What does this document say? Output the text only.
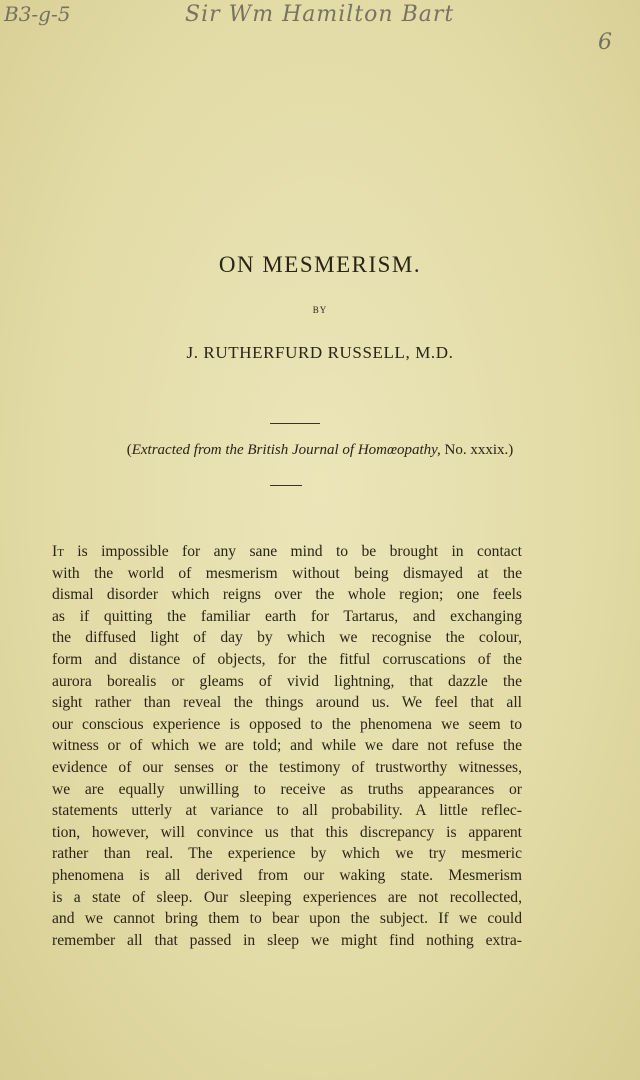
B3-g-5	Sir Wm Hamilton Bart
6
ON MESMERISM.
BY
J. RUTHERFURD RUSSELL, M.D.
(Extracted from the British Journal of Homœopathy, No. xxxix.)
It is impossible for any sane mind to be brought in contact
with the world of mesmerism without being dismayed at the
dismal disorder which reigns over the whole region; one feels
as if quitting the familiar earth for Tartarus, and exchanging
the diffused light of day by which we recognise the colour,
form and distance of objects, for the fitful corruscations of the
aurora borealis or gleams of vivid lightning, that dazzle the
sight rather than reveal the things around us. We feel that all
our conscious experience is opposed to the phenomena we seem to
witness or of which we are told; and while we dare not refuse the
evidence of our senses or the testimony of trustworthy witnesses,
we are equally unwilling to receive as truths appearances or
statements utterly at variance to all probability. A little reflec-
tion, however, will convince us that this discrepancy is apparent
rather than real. The experience by which we try mesmeric
phenomena is all derived from our waking state. Mesmerism
is a state of sleep. Our sleeping experiences are not recollected,
and we cannot bring them to bear upon the subject. If we could
remember all that passed in sleep we might find nothing extra-
